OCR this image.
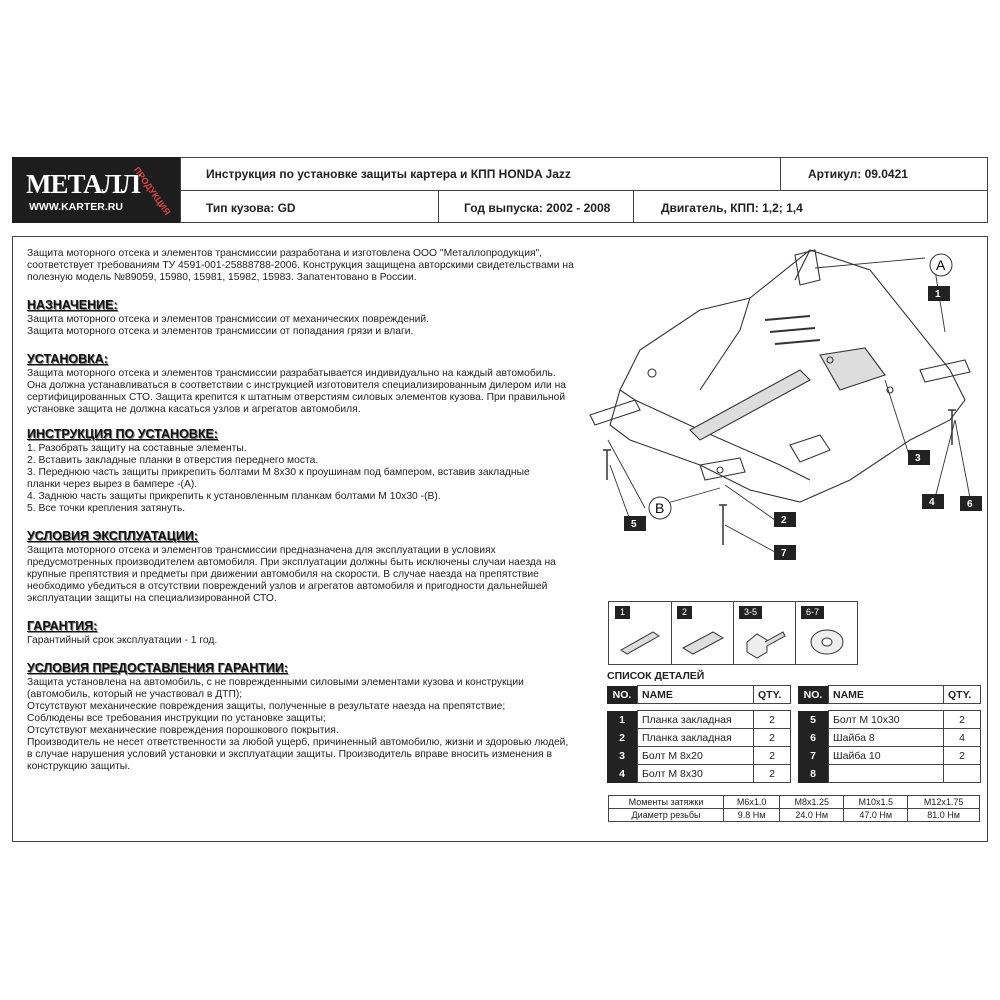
МЕТАЛЛ
ПРОДУКЦИЯ
WWW.KARTER.RU
Инструкция по установке защиты картера и КПП HONDA Jazz	Артикул: 09.0421
Тип кузова: GD	Год выпуска: 2002 - 2008	Двигатель, КПП: 1,2; 1,4
Защита моторного отсека и элементов трансмиссии разработана и изготовлена ООО "Металлопродукция", соответствует требованиям ТУ 4591-001-25888788-2006. Конструкция защищена авторскими свидетельствами на полезную модель №89059, 15980, 15981, 15982, 15983. Запатентовано в России.
НАЗНАЧЕНИЕ:
Защита моторного отсека и элементов трансмиссии от механических повреждений.
Защита моторного отсека и элементов трансмиссии от попадания грязи и влаги.
УСТАНОВКА:
Защита моторного отсека и элементов трансмиссии разрабатывается индивидуально на каждый автомобиль.
Она должна устанавливаться в соответствии с инструкцией изготовителя специализированным дилером или на
сертифицированных СТО. Защита крепится к штатным отверстиям силовых элементов кузова. При правильной
установке защита не должна касаться узлов и агрегатов автомобиля.
ИНСТРУКЦИЯ ПО УСТАНОВКЕ:
1. Разобрать защиту на составные элементы.
2. Вставить закладные планки в отверстия переднего моста.
3. Переднюю часть защиты прикрепить болтами М 8х30 к проушинам под бампером, вставив закладные
планки через вырез в бампере -(А).
4. Заднюю часть защиты прикрепить к установленным планкам болтами М 10х30 -(В).
5. Все точки крепления затянуть.
УСЛОВИЯ ЭКСПЛУАТАЦИИ:
Защита моторного отсека и элементов трансмиссии предназначена для эксплуатации в условиях
предусмотренных производителем автомобиля. При эксплуатации должны быть исключены случаи наезда на
крупные препятствия и предметы при движении автомобиля на скорости. В случае наезда на препятствие
необходимо убедиться в отсутствии повреждений узлов и агрегатов автомобиля и пригодности дальнейшей
эксплуатации защиты на специализированной СТО.
ГАРАНТИЯ:
Гарантийный срок эксплуатации - 1 год.
УСЛОВИЯ ПРЕДОСТАВЛЕНИЯ ГАРАНТИИ:
Защита установлена на автомобиль, с не поврежденными силовыми элементами кузова и конструкции
(автомобиль, который не участвовал в ДТП);
Отсутствуют механические повреждения защиты, полученные в результате наезда на препятствие;
Соблюдены все требования инструкции по установке защиты;
Отсутствуют механические повреждения порошкового покрытия.
Производитель не несет ответственности за любой ущерб, причиненный автомобилю, жизни и здоровью людей,
в случае нарушения условий установки и эксплуатации защиты. Производитель вправе вносить изменения в
конструкцию защиты.
A
B
1
2
3
4
5
6
7
1	2	3-5	6-7
СПИСОК ДЕТАЛЕЙ
NO.	NAME	QTY.

1	Планка закладная	2
2	Планка закладная	2
3	Болт М 8х20	2
4	Болт М 8х30	2
NO.	NAME	QTY.

5	Болт М 10х30	2
6	Шайба 8	4
7	Шайба 10	2
8		
Моменты затяжки	М6х1.0	М8х1.25	М10х1.5	М12х1.75
Диаметр резьбы	9.8 Нм	24.0 Нм	47.0 Нм	81.0 Нм
